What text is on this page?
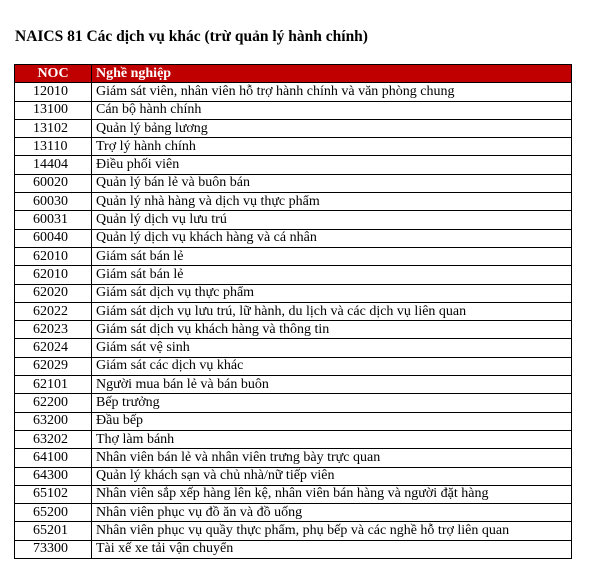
NAICS 81 Các dịch vụ khác (trừ quản lý hành chính)
NOC	Nghề nghiệp
12010	Giám sát viên, nhân viên hỗ trợ hành chính và văn phòng chung
13100	Cán bộ hành chính
13102	Quản lý bảng lương
13110	Trợ lý hành chính
14404	Điều phối viên
60020	Quản lý bán lẻ và buôn bán
60030	Quản lý nhà hàng và dịch vụ thực phẩm
60031	Quản lý dịch vụ lưu trú
60040	Quản lý dịch vụ khách hàng và cá nhân
62010	Giám sát bán lẻ
62010	Giám sát bán lẻ
62020	Giám sát dịch vụ thực phẩm
62022	Giám sát dịch vụ lưu trú, lữ hành, du lịch và các dịch vụ liên quan
62023	Giám sát dịch vụ khách hàng và thông tin
62024	Giám sát vệ sinh
62029	Giám sát các dịch vụ khác
62101	Người mua bán lẻ và bán buôn
62200	Bếp trưởng
63200	Đầu bếp
63202	Thợ làm bánh
64100	Nhân viên bán lẻ và nhân viên trưng bày trực quan
64300	Quản lý khách sạn và chủ nhà/nữ tiếp viên
65102	Nhân viên sắp xếp hàng lên kệ, nhân viên bán hàng và người đặt hàng
65200	Nhân viên phục vụ đồ ăn và đồ uống
65201	Nhân viên phục vụ quầy thực phẩm, phụ bếp và các nghề hỗ trợ liên quan
73300	Tài xế xe tải vận chuyển
